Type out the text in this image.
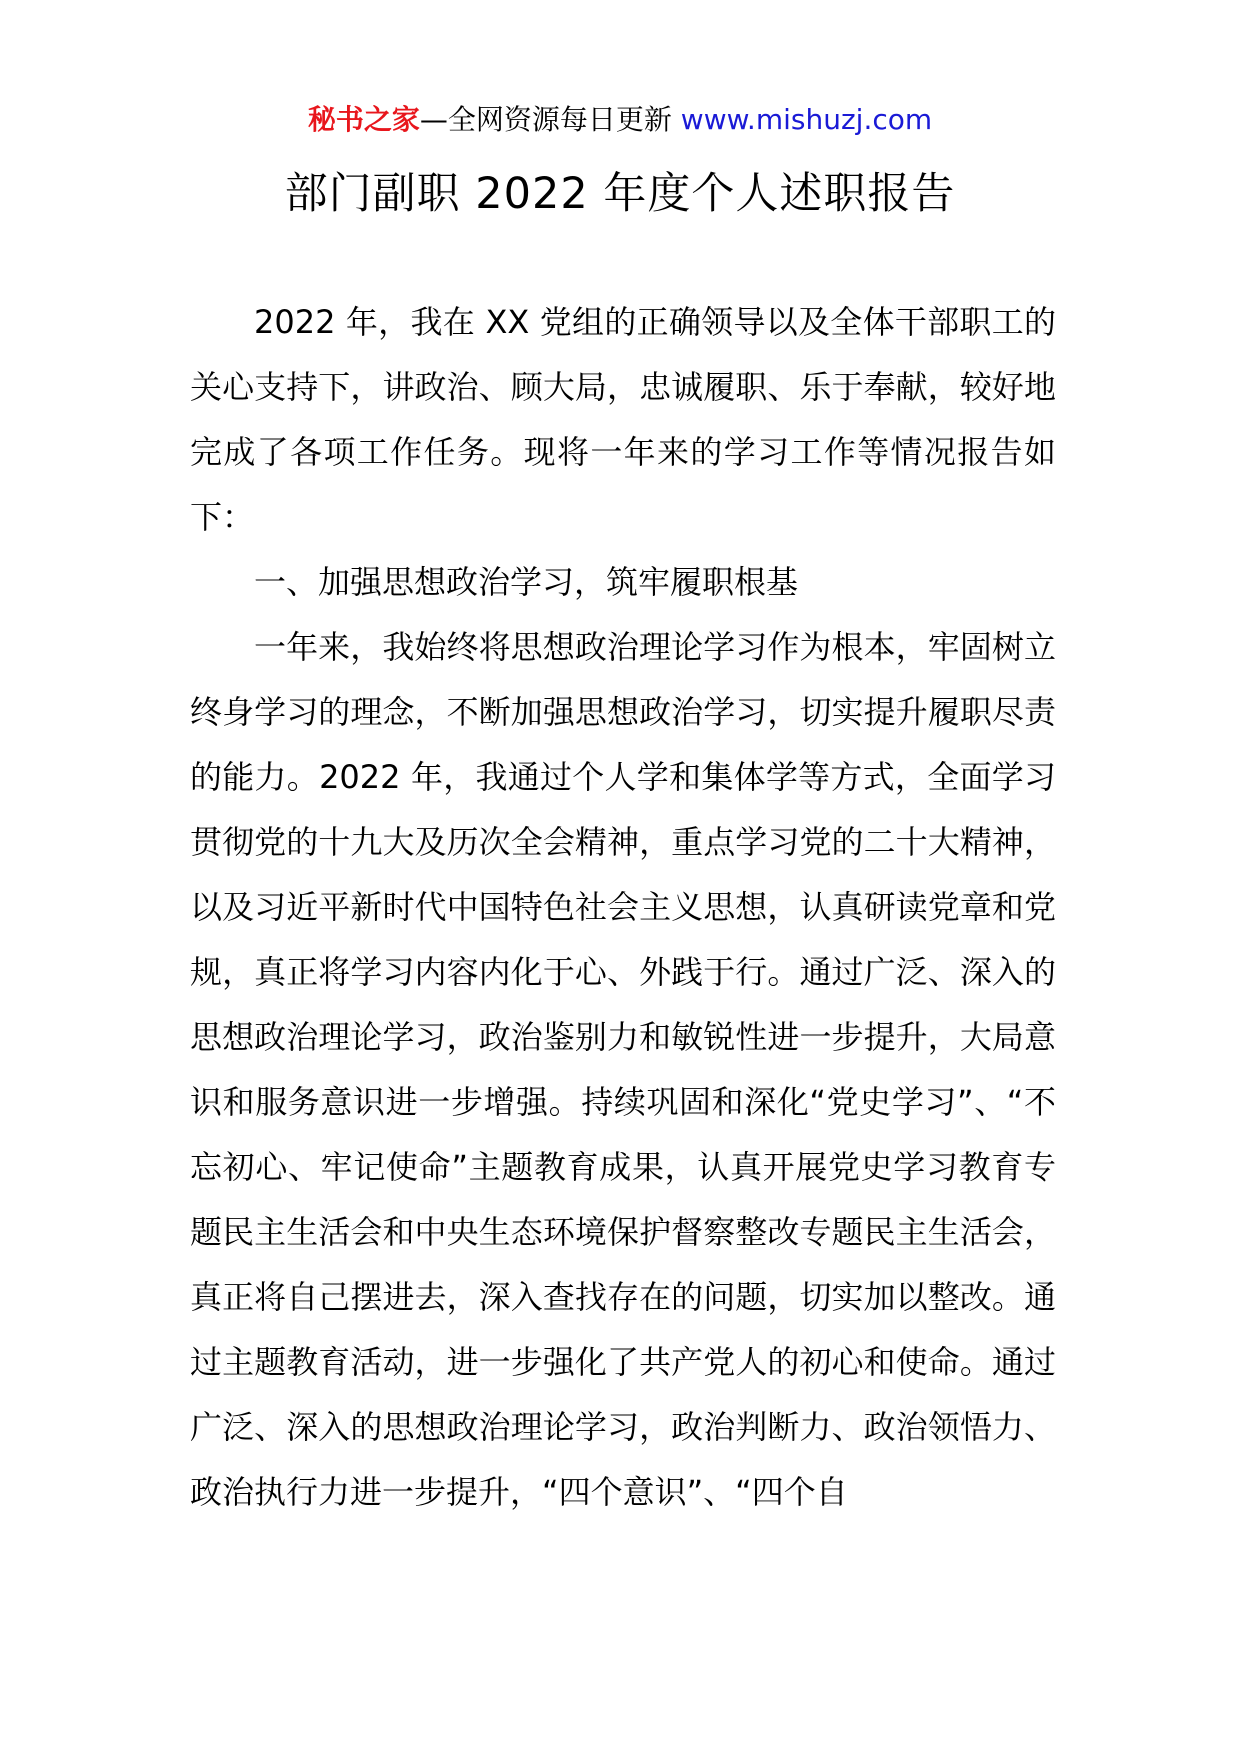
秘书之家—全网资源每日更新 www.mishuzj.com
部门副职 2022 年度个人述职报告

2022 年，我在 XX 党组的正确领导以及全体干部职工的关心支持下，讲政治、顾大局，忠诚履职、乐于奉献，较好地完成了各项工作任务。现将一年来的学习工作等情况报告如下：

一、加强思想政治学习，筑牢履职根基

一年来，我始终将思想政治理论学习作为根本，牢固树立终身学习的理念，不断加强思想政治学习，切实提升履职尽责的能力。2022 年，我通过个人学和集体学等方式，全面学习贯彻党的十九大及历次全会精神，重点学习党的二十大精神，以及习近平新时代中国特色社会主义思想，认真研读党章和党规，真正将学习内容内化于心、外践于行。通过广泛、深入的思想政治理论学习，政治鉴别力和敏锐性进一步提升，大局意识和服务意识进一步增强。持续巩固和深化“党史学习”、“不忘初心、牢记使命”主题教育成果，认真开展党史学习教育专题民主生活会和中央生态环境保护督察整改专题民主生活会，真正将自己摆进去，深入查找存在的问题，切实加以整改。通过主题教育活动，进一步强化了共产党人的初心和使命。通过广泛、深入的思想政治理论学习，政治判断力、政治领悟力、政治执行力进一步提升，“四个意识”、“四个自
